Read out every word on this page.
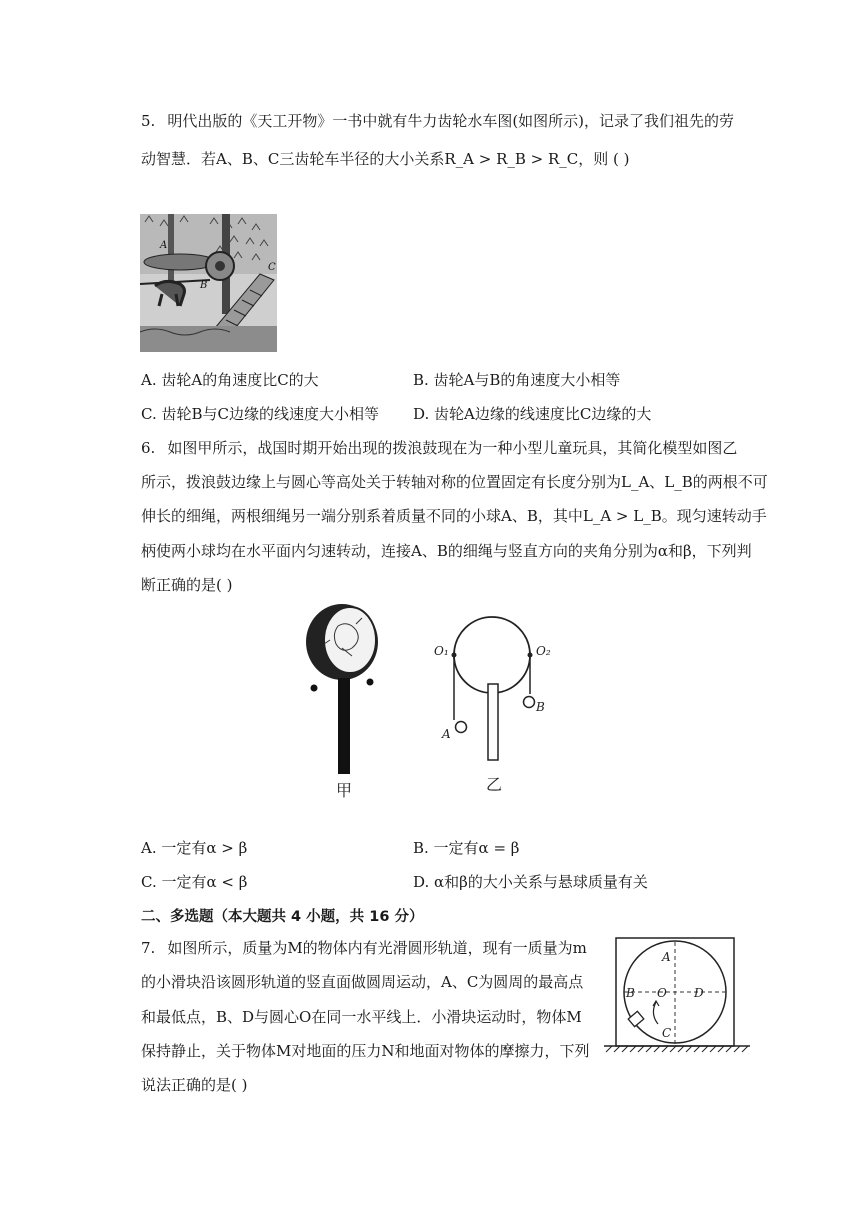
5. 明代出版的《天工开物》一书中就有牛力齿轮水车图(如图所示)，记录了我们祖先的劳
动智慧．若A、B、C三齿轮车半径的大小关系R_A > R_B > R_C，则 ( )
A
B
C
A. 齿轮A的角速度比C的大	B. 齿轮A与B的角速度大小相等
C. 齿轮B与C边缘的线速度大小相等 D. 齿轮A边缘的线速度比C边缘的大
6. 如图甲所示，战国时期开始出现的拨浪鼓现在为一种小型儿童玩具，其简化模型如图乙
所示，拨浪鼓边缘上与圆心等高处关于转轴对称的位置固定有长度分别为L_A、L_B的两根不可
伸长的细绳，两根细绳另一端分别系着质量不同的小球A、B，其中L_A > L_B。现匀速转动手
柄使两小球均在水平面内匀速转动，连接A、B的细绳与竖直方向的夹角分别为α和β，下列判
断正确的是( )
甲
O₁	O₂
A
B
乙
A. 一定有α > β	B. 一定有α = β
C. 一定有α < β	D. α和β的大小关系与悬球质量有关
二、多选题（本大题共 4 小题，共 16 分）
7. 如图所示，质量为M的物体内有光滑圆形轨道，现有一质量为m
的小滑块沿该圆形轨道的竖直面做圆周运动，A、C为圆周的最高点
和最低点，B、D与圆心O在同一水平线上．小滑块运动时，物体M
保持静止，关于物体M对地面的压力N和地面对物体的摩擦力，下列
说法正确的是( )
A
B O D
C
